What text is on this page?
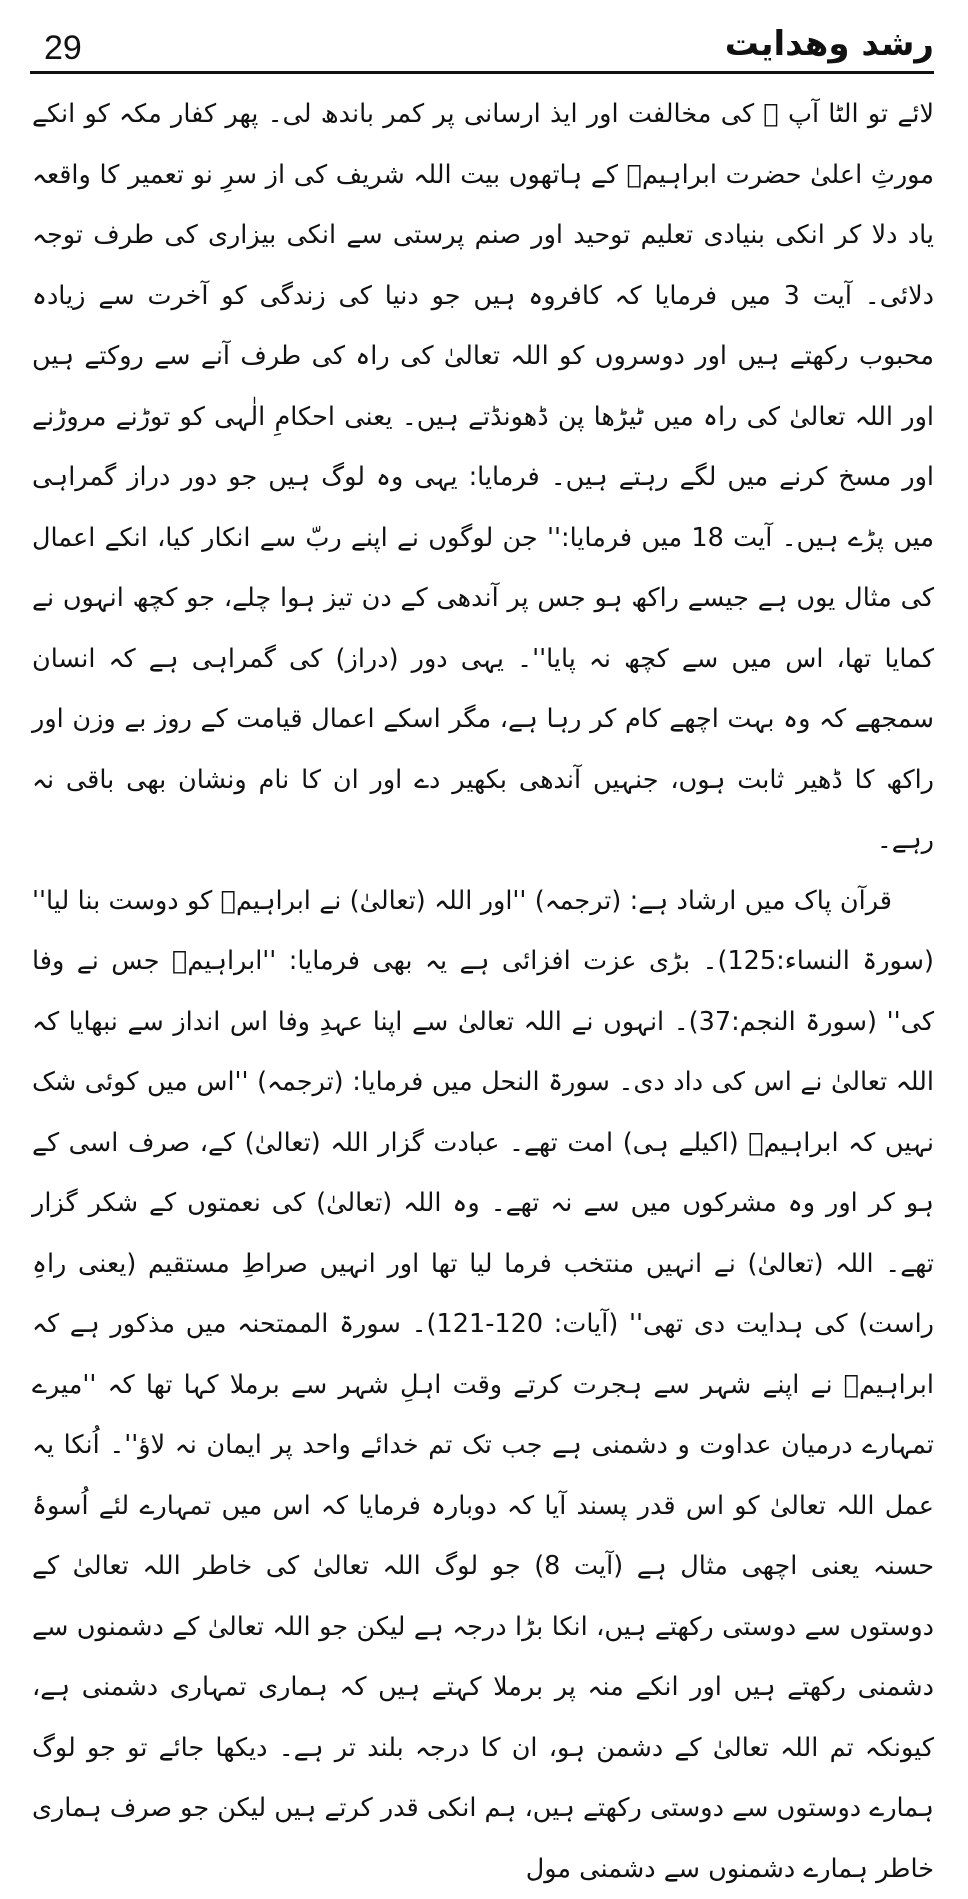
29	رشد وھدایت

لائے تو الٹا آپ ﷺ کی مخالفت اور ایذ ارسانی پر کمر باندھ لی۔ پھر کفار مکہ کو انکے مورثِ اعلیٰ حضرت ابراہیمؑ کے ہاتھوں بیت اللہ شریف کی از سرِ نو تعمیر کا واقعہ یاد دلا کر انکی بنیادی تعلیم توحید اور صنم پرستی سے انکی بیزاری کی طرف توجہ دلائی۔ آیت 3 میں فرمایا کہ کافروہ ہیں جو دنیا کی زندگی کو آخرت سے زیادہ محبوب رکھتے ہیں اور دوسروں کو اللہ تعالیٰ کی راہ کی طرف آنے سے روکتے ہیں اور اللہ تعالیٰ کی راہ میں ٹیڑھا پن ڈھونڈتے ہیں۔ یعنی احکامِ الٰہی کو توڑنے مروڑنے اور مسخ کرنے میں لگے رہتے ہیں۔ فرمایا: یہی وہ لوگ ہیں جو دور دراز گمراہی میں پڑے ہیں۔ آیت 18 میں فرمایا:'' جن لوگوں نے اپنے ربّ سے انکار کیا، انکے اعمال کی مثال یوں ہے جیسے راکھ ہو جس پر آندھی کے دن تیز ہوا چلے، جو کچھ انہوں نے کمایا تھا، اس میں سے کچھ نہ پایا''۔ یہی دور (دراز) کی گمراہی ہے کہ انسان سمجھے کہ وہ بہت اچھے کام کر رہا ہے، مگر اسکے اعمال قیامت کے روز بے وزن اور راکھ کا ڈھیر ثابت ہوں، جنہیں آندھی بکھیر دے اور ان کا نام ونشان بھی باقی نہ رہے۔

قرآن پاک میں ارشاد ہے: (ترجمہ) ''اور اللہ (تعالیٰ) نے ابراہیمؑ کو دوست بنا لیا'' (سورۃ النساء:125)۔ بڑی عزت افزائی ہے یہ بھی فرمایا: ''ابراہیمؑ جس نے وفا کی'' (سورۃ النجم:37)۔ انہوں نے اللہ تعالیٰ سے اپنا عہدِ وفا اس انداز سے نبھایا کہ اللہ تعالیٰ نے اس کی داد دی۔ سورۃ النحل میں فرمایا: (ترجمہ) ''اس میں کوئی شک نہیں کہ ابراہیمؑ (اکیلے ہی) امت تھے۔ عبادت گزار اللہ (تعالیٰ) کے، صرف اسی کے ہو کر اور وہ مشرکوں میں سے نہ تھے۔ وہ اللہ (تعالیٰ) کی نعمتوں کے شکر گزار تھے۔ اللہ (تعالیٰ) نے انہیں منتخب فرما لیا تھا اور انہیں صراطِ مستقیم (یعنی راہِ راست) کی ہدایت دی تھی'' (آیات: 120-121)۔ سورۃ الممتحنہ میں مذکور ہے کہ ابراہیمؑ نے اپنے شہر سے ہجرت کرتے وقت اہلِ شہر سے برملا کہا تھا کہ ''میرے تمہارے درمیان عداوت و دشمنی ہے جب تک تم خدائے واحد پر ایمان نہ لاؤ''۔ اُنکا یہ عمل اللہ تعالیٰ کو اس قدر پسند آیا کہ دوبارہ فرمایا کہ اس میں تمہارے لئے اُسوۂ حسنہ یعنی اچھی مثال ہے (آیت 8) جو لوگ اللہ تعالیٰ کی خاطر اللہ تعالیٰ کے دوستوں سے دوستی رکھتے ہیں، انکا بڑا درجہ ہے لیکن جو اللہ تعالیٰ کے دشمنوں سے دشمنی رکھتے ہیں اور انکے منہ پر برملا کہتے ہیں کہ ہماری تمہاری دشمنی ہے، کیونکہ تم اللہ تعالیٰ کے دشمن ہو، ان کا درجہ بلند تر ہے۔ دیکھا جائے تو جو لوگ ہمارے دوستوں سے دوستی رکھتے ہیں، ہم انکی قدر کرتے ہیں لیکن جو صرف ہماری خاطر ہمارے دشمنوں سے دشمنی مول
